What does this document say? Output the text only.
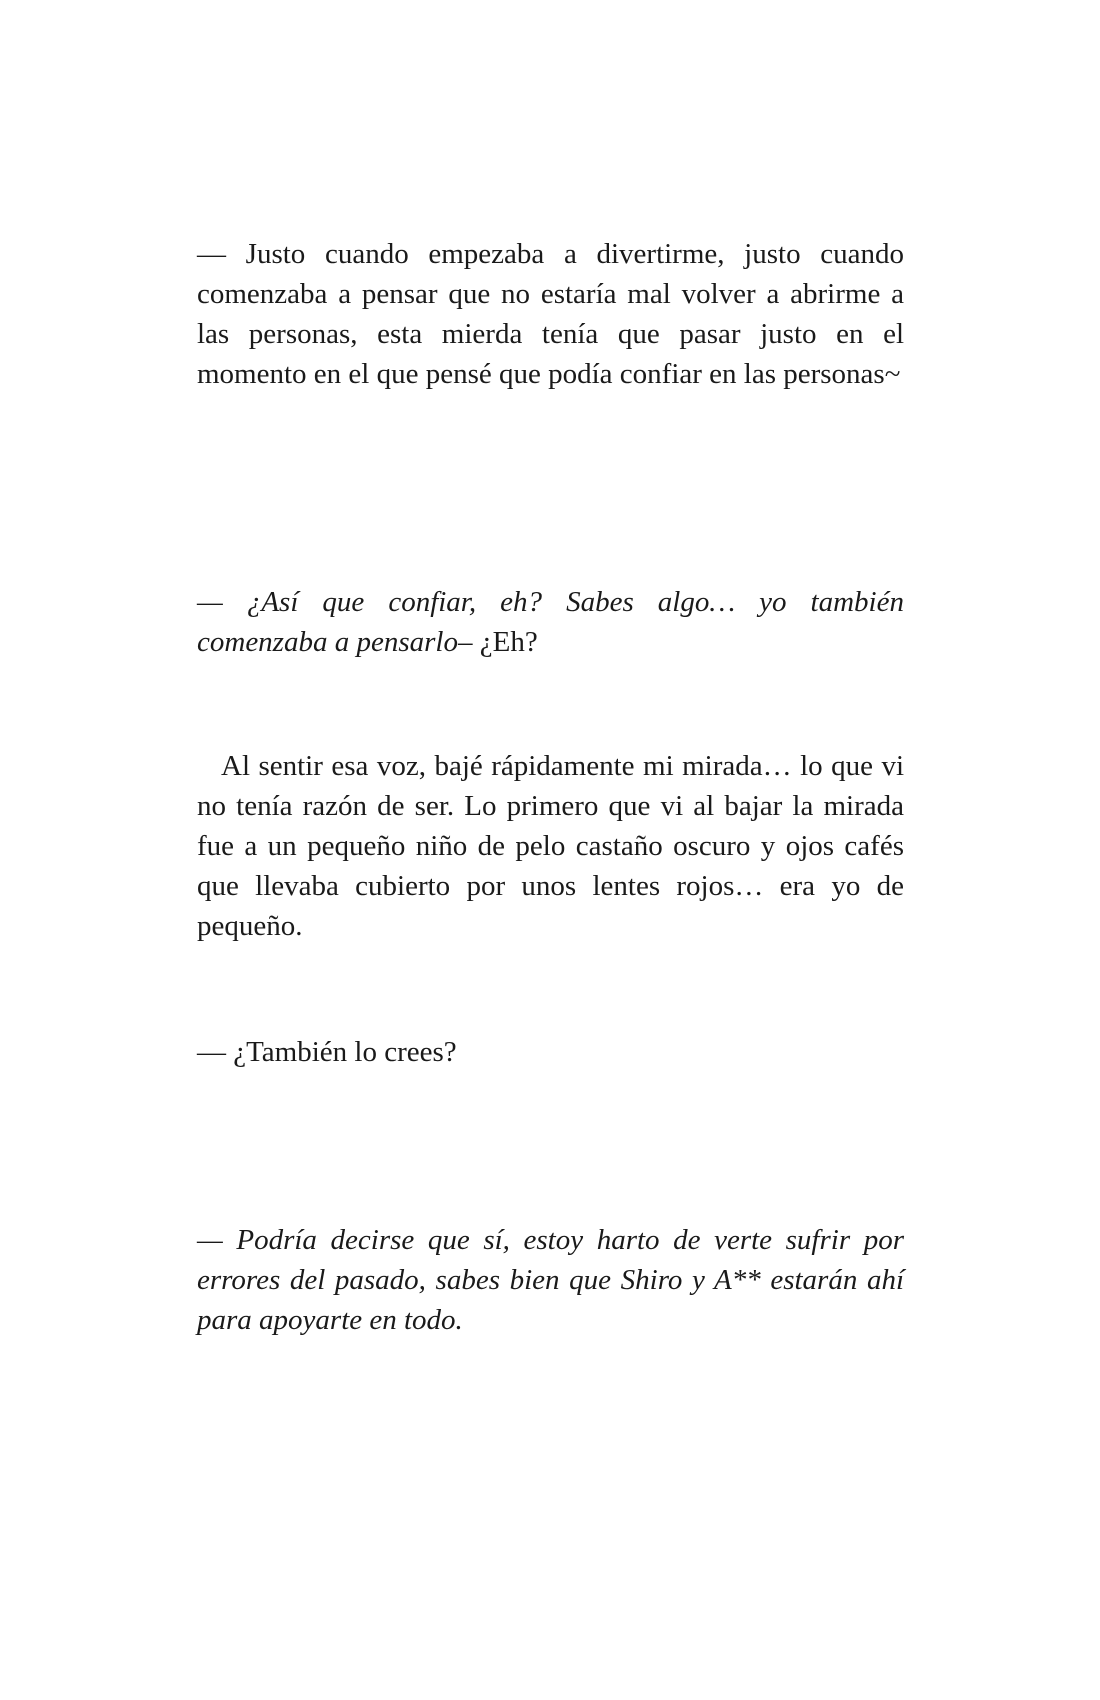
— Justo cuando empezaba a divertirme, justo cuando comenzaba a pensar que no estaría mal volver a abrirme a las personas, esta mierda tenía que pasar justo en el momento en el que pensé que podía confiar en las personas~

— ¿Así que confiar, eh? Sabes algo… yo también comenzaba a pensarlo– ¿Eh?

Al sentir esa voz, bajé rápidamente mi mirada… lo que vi no tenía razón de ser. Lo primero que vi al bajar la mirada fue a un pequeño niño de pelo castaño oscuro y ojos cafés que llevaba cubierto por unos lentes rojos… era yo de pequeño.

— ¿También lo crees?

— Podría decirse que sí, estoy harto de verte sufrir por errores del pasado, sabes bien que Shiro y A** estarán ahí para apoyarte en todo.
